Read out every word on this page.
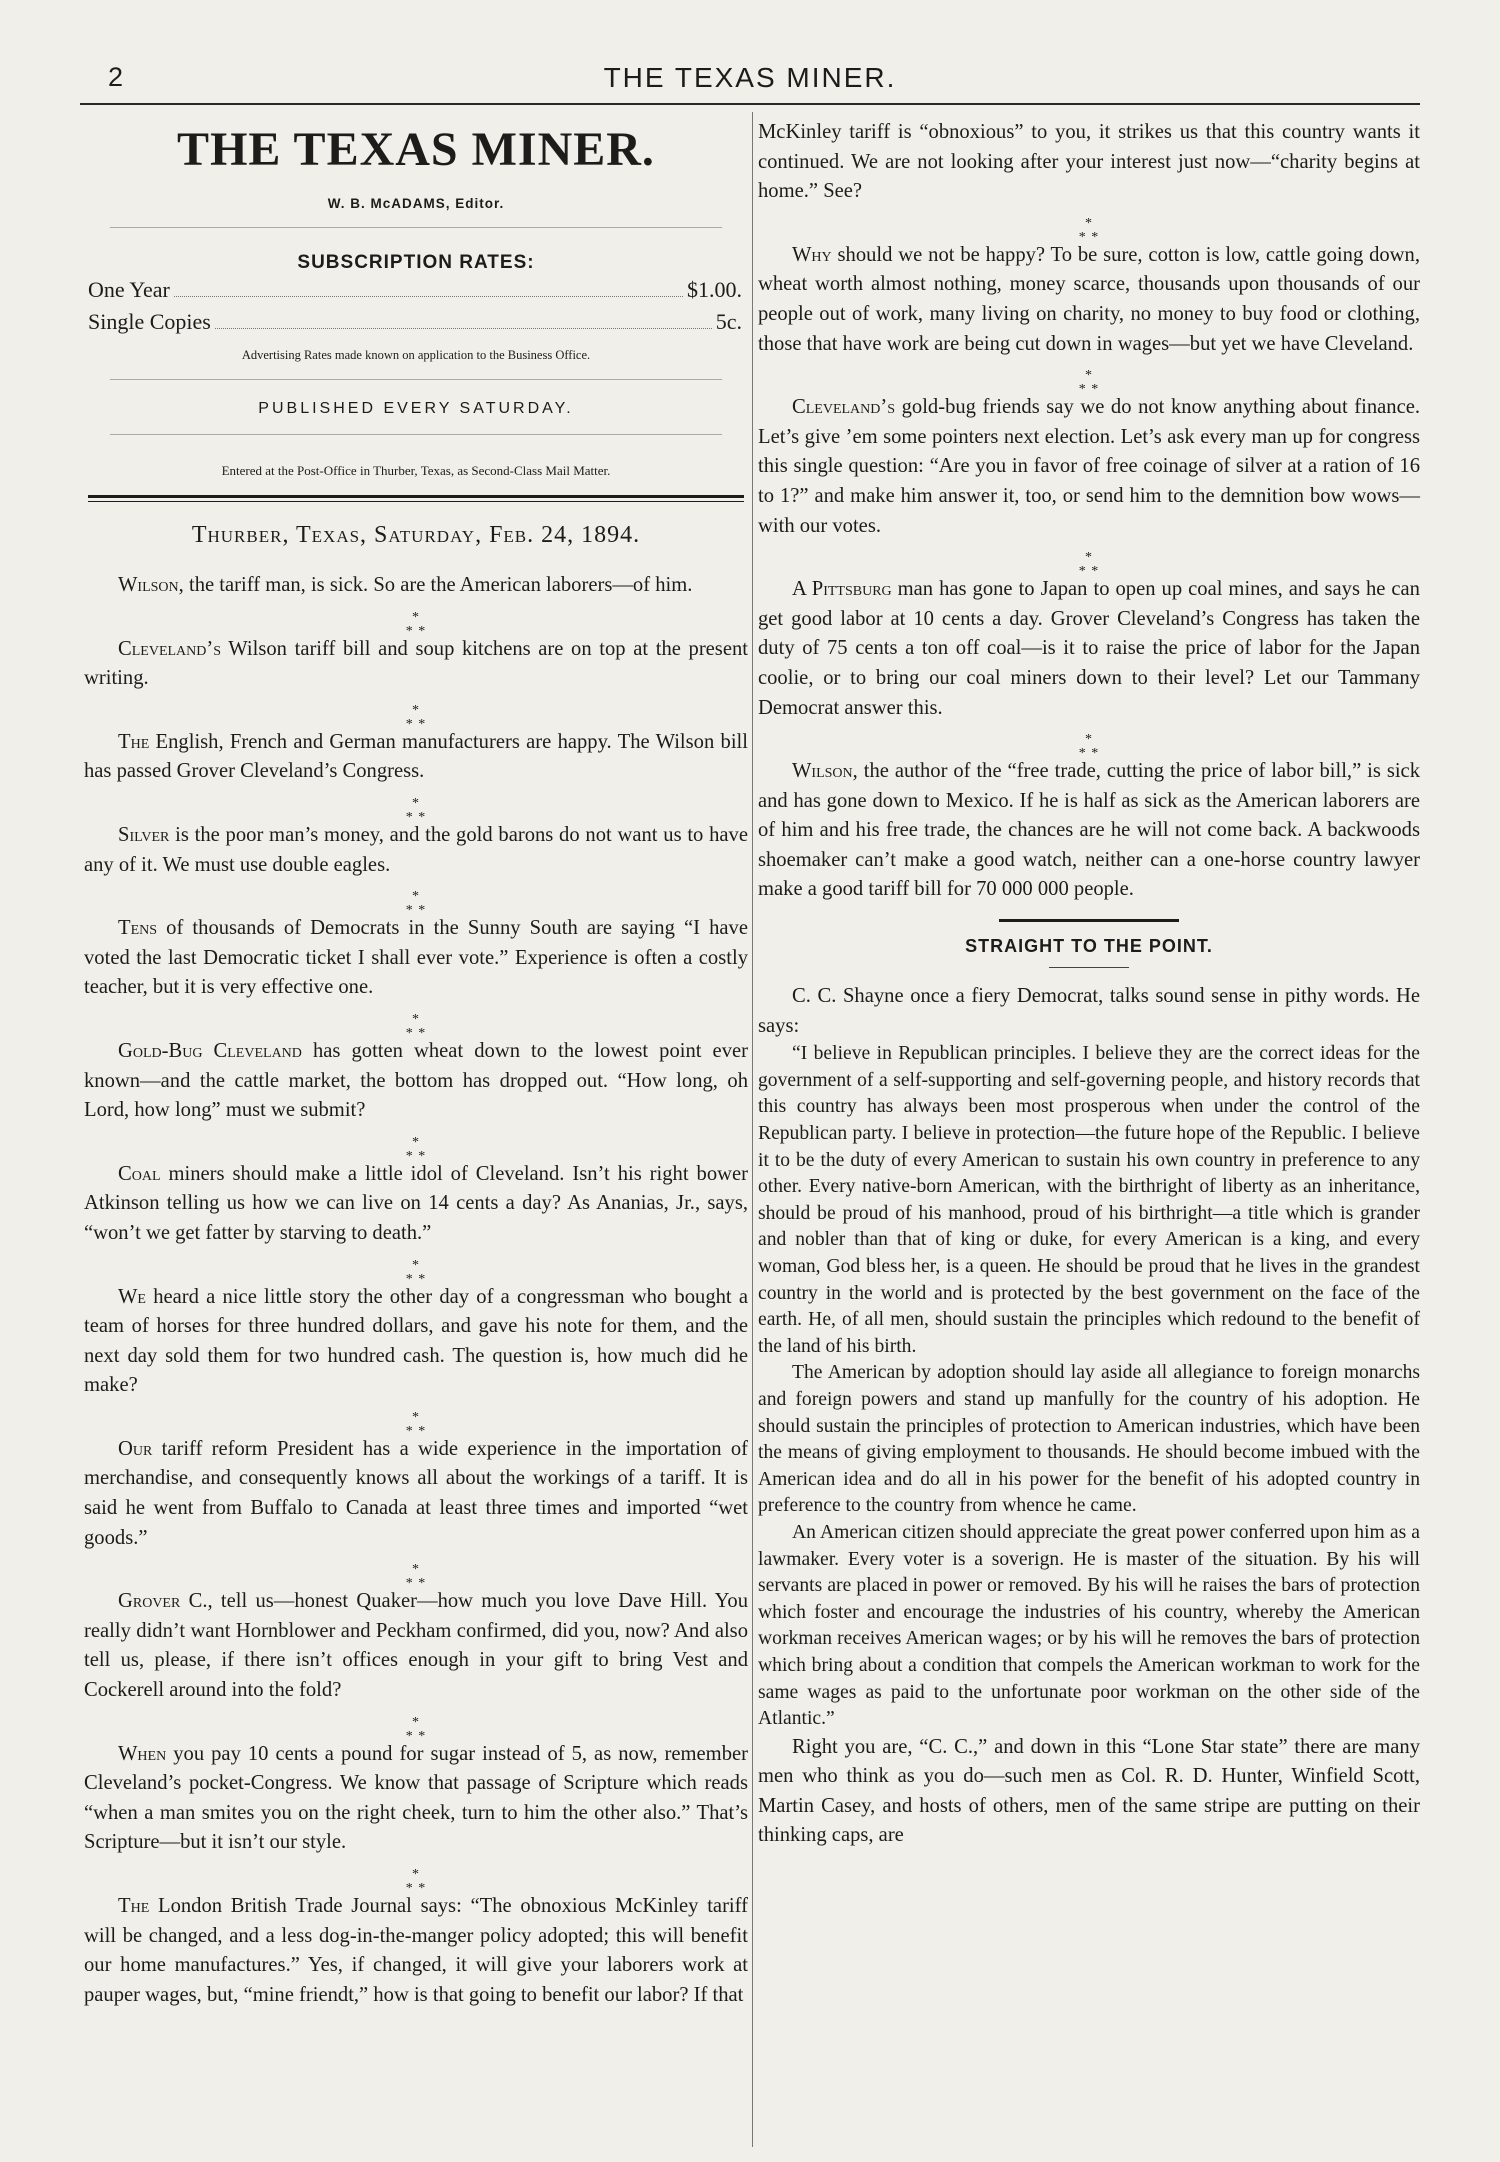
2	THE TEXAS MINER.
THE TEXAS MINER.

W. B. McADAMS, Editor.

SUBSCRIPTION RATES:

One Year	$1.00.
Single Copies	5c.

Advertising Rates made known on application to the Business Office.

PUBLISHED EVERY SATURDAY.

Entered at the Post-Office in Thurber, Texas, as Second-Class Mail Matter.

Thurber, Texas, Saturday, Feb. 24, 1894.

Wilson, the tariff man, is sick. So are the American laborers—of him.

*
* *

Cleveland’s Wilson tariff bill and soup kitchens are on top at the present writing.

*
* *

The English, French and German manufacturers are happy. The Wilson bill has passed Grover Cleveland’s Congress.

*
* *

Silver is the poor man’s money, and the gold barons do not want us to have any of it. We must use double eagles.

*
* *

Tens of thousands of Democrats in the Sunny South are saying “I have voted the last Democratic ticket I shall ever vote.” Experience is often a costly teacher, but it is very effective one.

*
* *

Gold-Bug Cleveland has gotten wheat down to the lowest point ever known—and the cattle market, the bottom has dropped out. “How long, oh Lord, how long” must we submit?

*
* *

Coal miners should make a little idol of Cleveland. Isn’t his right bower Atkinson telling us how we can live on 14 cents a day? As Ananias, Jr., says, “won’t we get fatter by starving to death.”

*
* *

We heard a nice little story the other day of a congressman who bought a team of horses for three hundred dollars, and gave his note for them, and the next day sold them for two hundred cash. The question is, how much did he make?

*
* *

Our tariff reform President has a wide experience in the importation of merchandise, and consequently knows all about the workings of a tariff. It is said he went from Buffalo to Canada at least three times and imported “wet goods.”

*
* *

Grover C., tell us—honest Quaker—how much you love Dave Hill. You really didn’t want Hornblower and Peckham confirmed, did you, now? And also tell us, please, if there isn’t offices enough in your gift to bring Vest and Cockerell around into the fold?

*
* *

When you pay 10 cents a pound for sugar instead of 5, as now, remember Cleveland’s pocket-Congress. We know that passage of Scripture which reads “when a man smites you on the right cheek, turn to him the other also.” That’s Scripture—but it isn’t our style.

*
* *

The London British Trade Journal says: “The obnoxious McKinley tariff will be changed, and a less dog-in-the-manger policy adopted; this will benefit our home manufactures.” Yes, if changed, it will give your laborers work at pauper wages, but, “mine friendt,” how is that going to benefit our labor? If that

McKinley tariff is “obnoxious” to you, it strikes us that this country wants it continued. We are not looking after your interest just now—“charity begins at home.” See?

*
* *

Why should we not be happy? To be sure, cotton is low, cattle going down, wheat worth almost nothing, money scarce, thousands upon thousands of our people out of work, many living on charity, no money to buy food or clothing, those that have work are being cut down in wages—but yet we have Cleveland.

*
* *

Cleveland’s gold-bug friends say we do not know anything about finance. Let’s give ’em some pointers next election. Let’s ask every man up for congress this single question: “Are you in favor of free coinage of silver at a ration of 16 to 1?” and make him answer it, too, or send him to the demnition bow wows—with our votes.

*
* *

A Pittsburg man has gone to Japan to open up coal mines, and says he can get good labor at 10 cents a day. Grover Cleveland’s Congress has taken the duty of 75 cents a ton off coal—is it to raise the price of labor for the Japan coolie, or to bring our coal miners down to their level? Let our Tammany Democrat answer this.

*
* *

Wilson, the author of the “free trade, cutting the price of labor bill,” is sick and has gone down to Mexico. If he is half as sick as the American laborers are of him and his free trade, the chances are he will not come back. A backwoods shoemaker can’t make a good watch, neither can a one-horse country lawyer make a good tariff bill for 70 000 000 people.

STRAIGHT TO THE POINT.

C. C. Shayne once a fiery Democrat, talks sound sense in pithy words. He says:

“I believe in Republican principles. I believe they are the correct ideas for the government of a self-supporting and self-governing people, and history records that this country has always been most prosperous when under the control of the Republican party. I believe in protection—the future hope of the Republic. I believe it to be the duty of every American to sustain his own country in preference to any other. Every native-born American, with the birthright of liberty as an inheritance, should be proud of his manhood, proud of his birthright—a title which is grander and nobler than that of king or duke, for every American is a king, and every woman, God bless her, is a queen. He should be proud that he lives in the grandest country in the world and is protected by the best government on the face of the earth. He, of all men, should sustain the principles which redound to the benefit of the land of his birth.

The American by adoption should lay aside all allegiance to foreign monarchs and foreign powers and stand up manfully for the country of his adoption. He should sustain the principles of protection to American industries, which have been the means of giving employment to thousands. He should become imbued with the American idea and do all in his power for the benefit of his adopted country in preference to the country from whence he came.

An American citizen should appreciate the great power conferred upon him as a lawmaker. Every voter is a soverign. He is master of the situation. By his will servants are placed in power or removed. By his will he raises the bars of protection which foster and encourage the industries of his country, whereby the American workman receives American wages; or by his will he removes the bars of protection which bring about a condition that compels the American workman to work for the same wages as paid to the unfortunate poor workman on the other side of the Atlantic.”

Right you are, “C. C.,” and down in this “Lone Star state” there are many men who think as you do—such men as Col. R. D. Hunter, Winfield Scott, Martin Casey, and hosts of others, men of the same stripe are putting on their thinking caps, are
